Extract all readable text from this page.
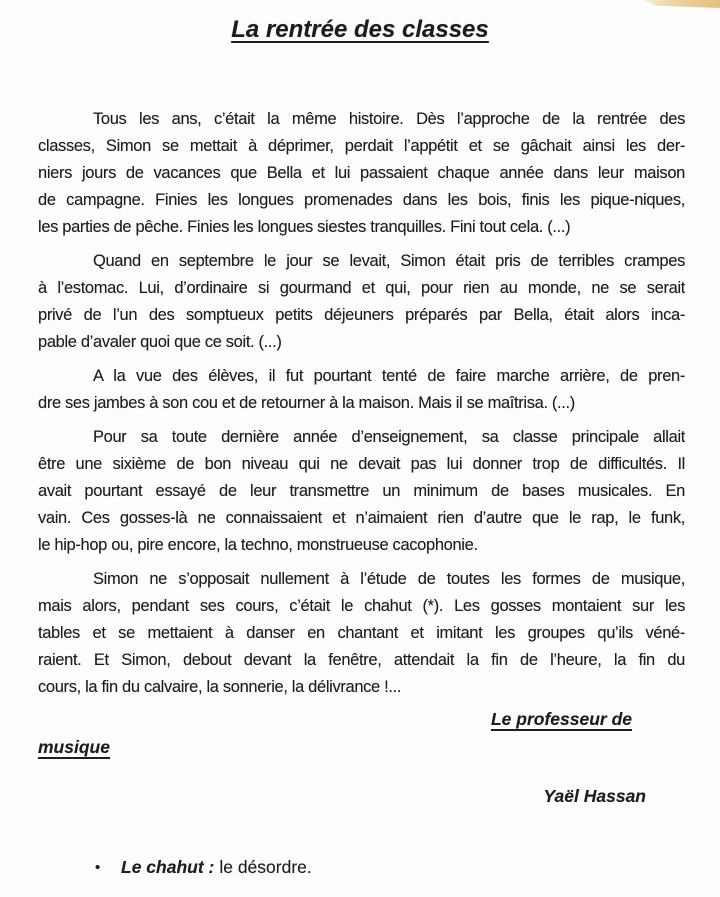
La rentrée des classes
Tous les ans, c’était la même histoire. Dès l’approche de la rentrée des
classes, Simon se mettait à déprimer, perdait l’appétit et se gâchait ainsi les der-
niers jours de vacances que Bella et lui passaient chaque année dans leur maison
de campagne. Finies les longues promenades dans les bois, finis les pique-niques,
les parties de pêche. Finies les longues siestes tranquilles. Fini tout cela. (...)
Quand en septembre le jour se levait, Simon était pris de terribles crampes
à l’estomac. Lui, d’ordinaire si gourmand et qui, pour rien au monde, ne se serait
privé de l’un des somptueux petits déjeuners préparés par Bella, était alors inca-
pable d’avaler quoi que ce soit. (...)
A la vue des élèves, il fut pourtant tenté de faire marche arrière, de pren-
dre ses jambes à son cou et de retourner à la maison. Mais il se maîtrisa. (...)
Pour sa toute dernière année d’enseignement, sa classe principale allait
être une sixième de bon niveau qui ne devait pas lui donner trop de difficultés. Il
avait pourtant essayé de leur transmettre un minimum de bases musicales. En
vain. Ces gosses-là ne connaissaient et n’aimaient rien d’autre que le rap, le funk,
le hip-hop ou, pire encore, la techno, monstrueuse cacophonie.
Simon ne s’opposait nullement à l’étude de toutes les formes de musique,
mais alors, pendant ses cours, c’était le chahut (*). Les gosses montaient sur les
tables et se mettaient à danser en chantant et imitant les groupes qu’ils véné-
raient. Et Simon, debout devant la fenêtre, attendait la fin de l’heure, la fin du
cours, la fin du calvaire, la sonnerie, la délivrance !...
Le professeur de
musique
Yaël Hassan
• Le chahut : le désordre.
